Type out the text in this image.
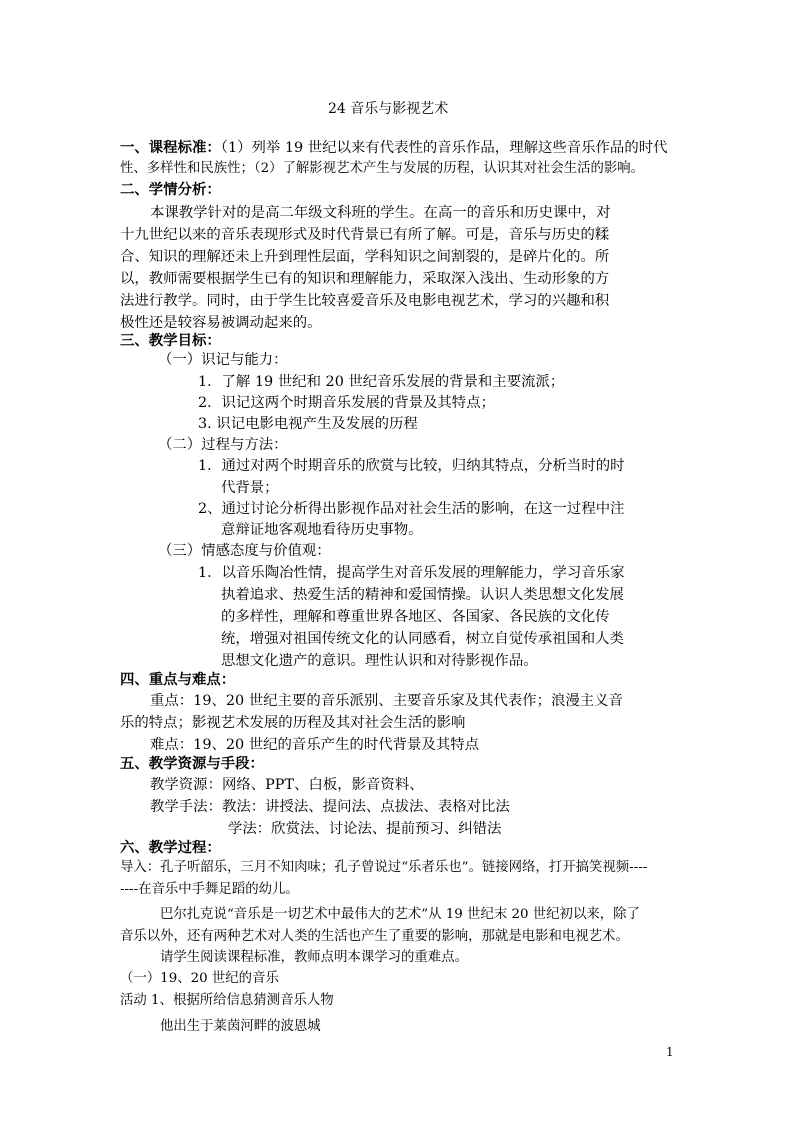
24 音乐与影视艺术
一、课程标准：（1）列举 19 世纪以来有代表性的音乐作品，理解这些音乐作品的时代
性、多样性和民族性；（2）了解影视艺术产生与发展的历程，认识其对社会生活的影响。
二、学情分析：
本课教学针对的是高二年级文科班的学生。在高一的音乐和历史课中，对
十九世纪以来的音乐表现形式及时代背景已有所了解。可是，音乐与历史的糅
合、知识的理解还未上升到理性层面，学科知识之间割裂的，是碎片化的。所
以，教师需要根据学生已有的知识和理解能力，采取深入浅出、生动形象的方
法进行教学。同时，由于学生比较喜爱音乐及电影电视艺术，学习的兴趣和积
极性还是较容易被调动起来的。
三、教学目标：
（一）识记与能力：
1．了解 19 世纪和 20 世纪音乐发展的背景和主要流派；
2．识记这两个时期音乐发展的背景及其特点；
3. 识记电影电视产生及发展的历程
（二）过程与方法：
1．通过对两个时期音乐的欣赏与比较，归纳其特点，分析当时的时
代背景；
2、通过讨论分析得出影视作品对社会生活的影响，在这一过程中注
意辩证地客观地看待历史事物。
（三）情感态度与价值观：
1．以音乐陶冶性情，提高学生对音乐发展的理解能力，学习音乐家
执着追求、热爱生活的精神和爱国情操。认识人类思想文化发展
的多样性，理解和尊重世界各地区、各国家、各民族的文化传
统，增强对祖国传统文化的认同感看，树立自觉传承祖国和人类
思想文化遗产的意识。理性认识和对待影视作品。
四、重点与难点：
重点：19、20 世纪主要的音乐派别、主要音乐家及其代表作；浪漫主义音
乐的特点；影视艺术发展的历程及其对社会生活的影响
难点：19、20 世纪的音乐产生的时代背景及其特点
五、教学资源与手段：
教学资源：网络、PPT、白板，影音资料、
教学手法：教法：讲授法、提问法、点拔法、表格对比法
学法：欣赏法、讨论法、提前预习、纠错法
六、教学过程：
导入：孔子听韶乐，三月不知肉味；孔子曾说过“乐者乐也”。链接网络，打开搞笑视频----
----在音乐中手舞足蹈的幼儿。
巴尔扎克说“音乐是一切艺术中最伟大的艺术”从 19 世纪末 20 世纪初以来，除了
音乐以外，还有两种艺术对人类的生活也产生了重要的影响，那就是电影和电视艺术。
请学生阅读课程标准，教师点明本课学习的重难点。
（一）19、20 世纪的音乐
活动 1、根据所给信息猜测音乐人物
他出生于莱茵河畔的波恩城
1
